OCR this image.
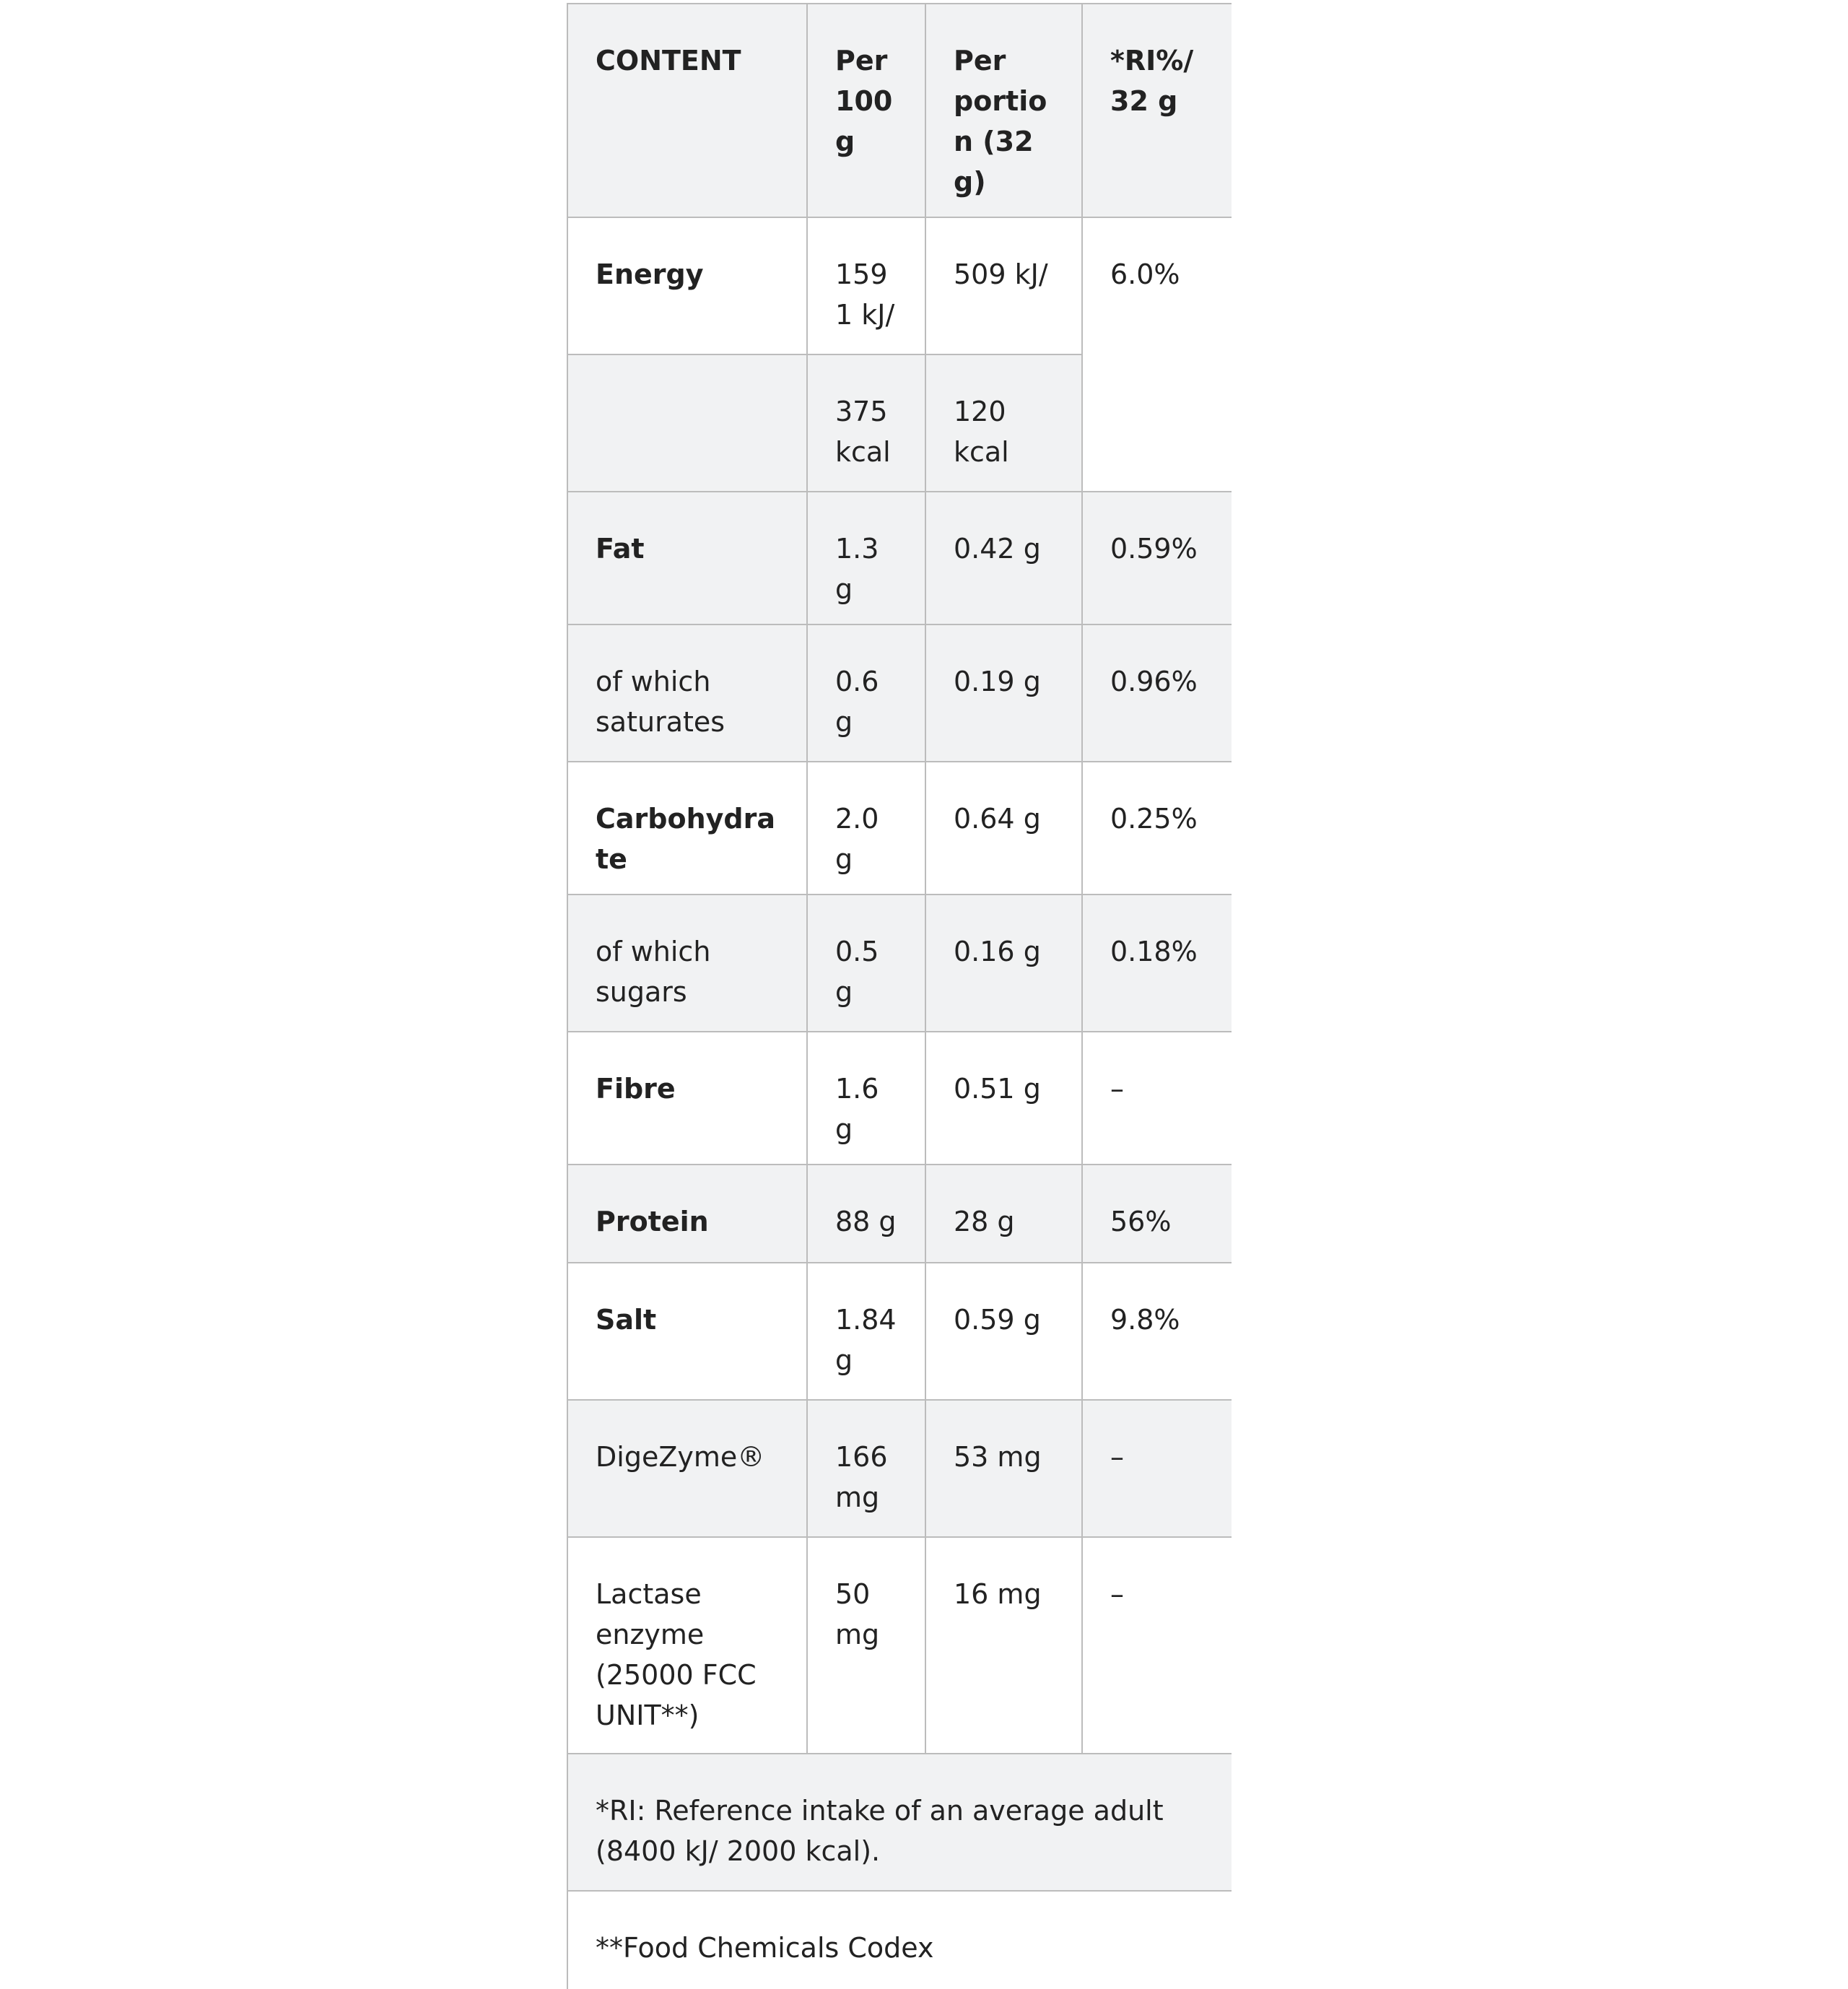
CONTENT	Per 100 g	Per portion (32 g)	*RI%/32 g
Energy	1591 kJ/	509 kJ/	6.0%
	375 kcal	120 kcal	
Fat	1.3 g	0.42 g	0.59%
of which saturates	0.6 g	0.19 g	0.96%
Carbohydrate	2.0 g	0.64 g	0.25%
of which sugars	0.5 g	0.16 g	0.18%
Fibre	1.6 g	0.51 g	–
Protein	88 g	28 g	56%
Salt	1.84 g	0.59 g	9.8%
DigeZyme®	166 mg	53 mg	–
Lactase enzyme (25000 FCC UNIT**)	50 mg	16 mg	–
*RI: Reference intake of an average adult (8400 kJ/ 2000 kcal).			
**Food Chemicals Codex			
